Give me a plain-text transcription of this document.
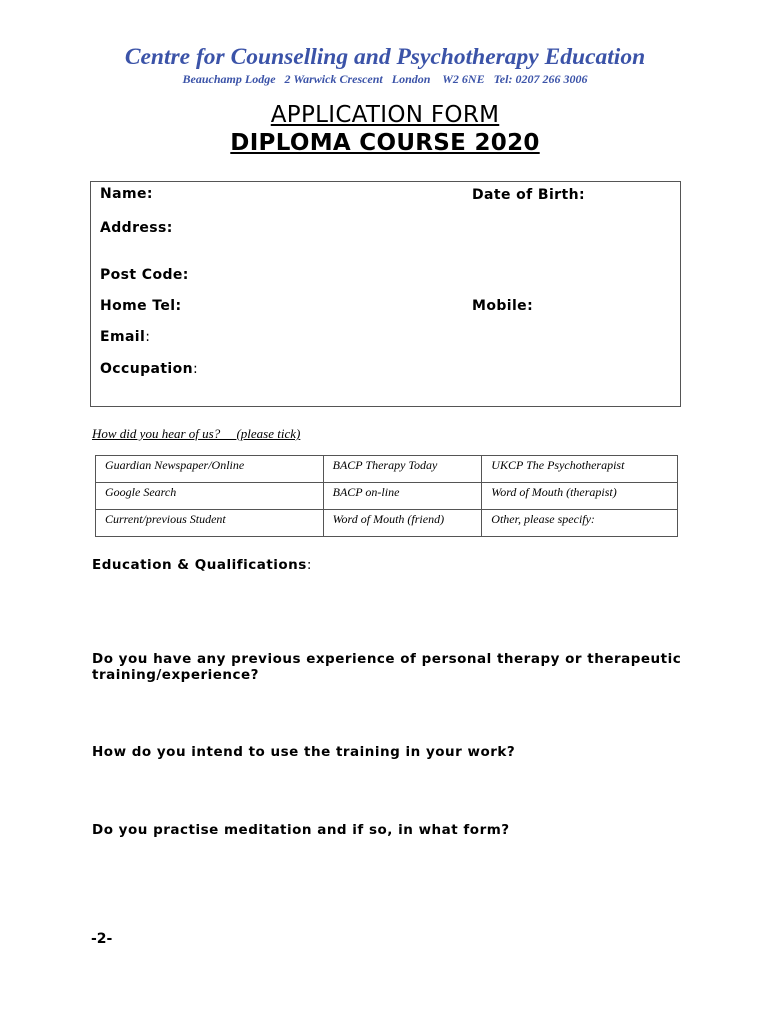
Centre for Counselling and Psychotherapy Education
Beauchamp Lodge   2 Warwick Crescent   London    W2 6NE   Tel: 0207 266 3006
APPLICATION FORM
DIPLOMA COURSE 2020
Name:	Date of Birth:
Address:
Post Code:
Home Tel:	Mobile:
Email:
Occupation:
How did you hear of us?     (please tick)
Guardian Newspaper/Online	BACP Therapy Today	UKCP The Psychotherapist
Google Search	BACP on-line	Word of Mouth (therapist)
Current/previous Student	Word of Mouth (friend)	Other, please specify:
Education & Qualifications:
Do you have any previous experience of personal therapy or therapeutic
training/experience?
How do you intend to use the training in your work?
Do you practise meditation and if so, in what form?
-2-
